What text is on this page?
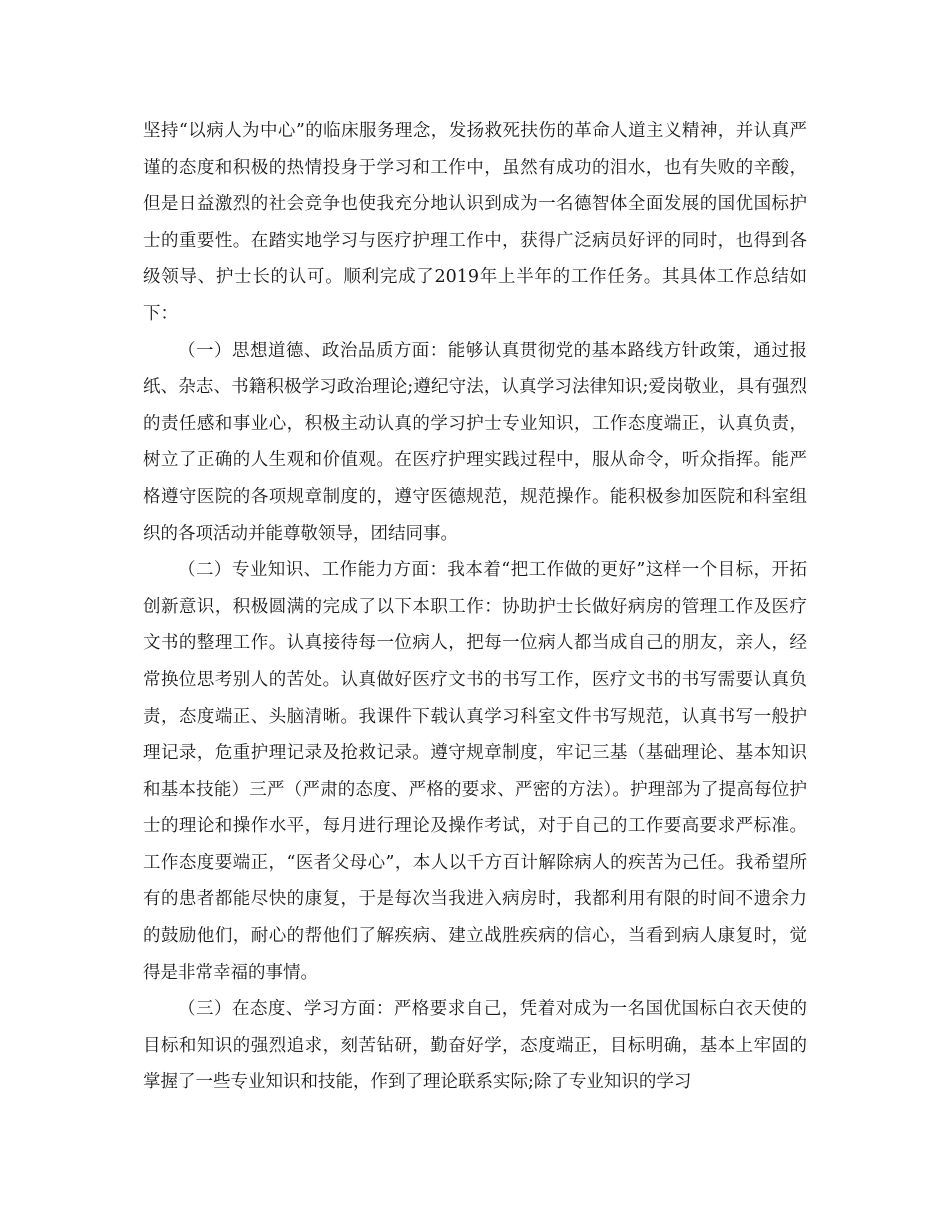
坚持“以病人为中心”的临床服务理念，发扬救死扶伤的革命人道主义精神，并认真严谨的态度和积极的热情投身于学习和工作中，虽然有成功的泪水，也有失败的辛酸，但是日益激烈的社会竞争也使我充分地认识到成为一名德智体全面发展的国优国标护士的重要性。在踏实地学习与医疗护理工作中，获得广泛病员好评的同时，也得到各级领导、护士长的认可。顺利完成了2019年上半年的工作任务。其具体工作总结如下：

（一）思想道德、政治品质方面：能够认真贯彻党的基本路线方针政策，通过报纸、杂志、书籍积极学习政治理论;遵纪守法，认真学习法律知识;爱岗敬业，具有强烈的责任感和事业心，积极主动认真的学习护士专业知识，工作态度端正，认真负责，树立了正确的人生观和价值观。在医疗护理实践过程中，服从命令，听众指挥。能严格遵守医院的各项规章制度的，遵守医德规范，规范操作。能积极参加医院和科室组织的各项活动并能尊敬领导，团结同事。

（二）专业知识、工作能力方面：我本着“把工作做的更好”这样一个目标，开拓创新意识，积极圆满的完成了以下本职工作：协助护士长做好病房的管理工作及医疗文书的整理工作。认真接待每一位病人，把每一位病人都当成自己的朋友，亲人，经常换位思考别人的苦处。认真做好医疗文书的书写工作，医疗文书的书写需要认真负责，态度端正、头脑清晰。我课件下载认真学习科室文件书写规范，认真书写一般护理记录，危重护理记录及抢救记录。遵守规章制度，牢记三基（基础理论、基本知识和基本技能）三严（严肃的态度、严格的要求、严密的方法）。护理部为了提高每位护士的理论和操作水平，每月进行理论及操作考试，对于自己的工作要高要求严标准。工作态度要端正，“医者父母心”，本人以千方百计解除病人的疾苦为己任。我希望所有的患者都能尽快的康复，于是每次当我进入病房时，我都利用有限的时间不遗余力的鼓励他们，耐心的帮他们了解疾病、建立战胜疾病的信心，当看到病人康复时，觉得是非常幸福的事情。

（三）在态度、学习方面：严格要求自己，凭着对成为一名国优国标白衣天使的目标和知识的强烈追求，刻苦钻研，勤奋好学，态度端正，目标明确，基本上牢固的掌握了一些专业知识和技能，作到了理论联系实际;除了专业知识的学习
